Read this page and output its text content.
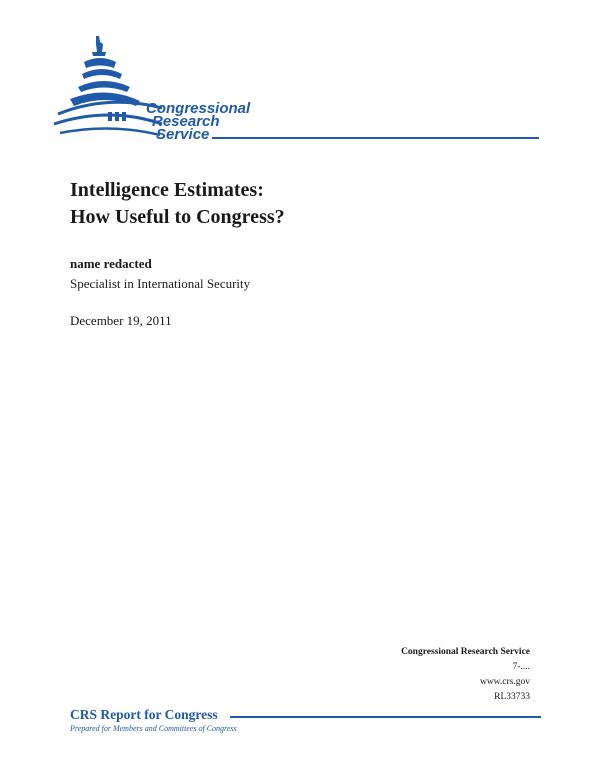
Congressional
Research
Service
Intelligence Estimates:
How Useful to Congress?
name redacted
Specialist in International Security
December 19, 2011
Congressional Research Service
7-....
www.crs.gov
RL33733
CRS Report for Congress
Prepared for Members and Committees of Congress
